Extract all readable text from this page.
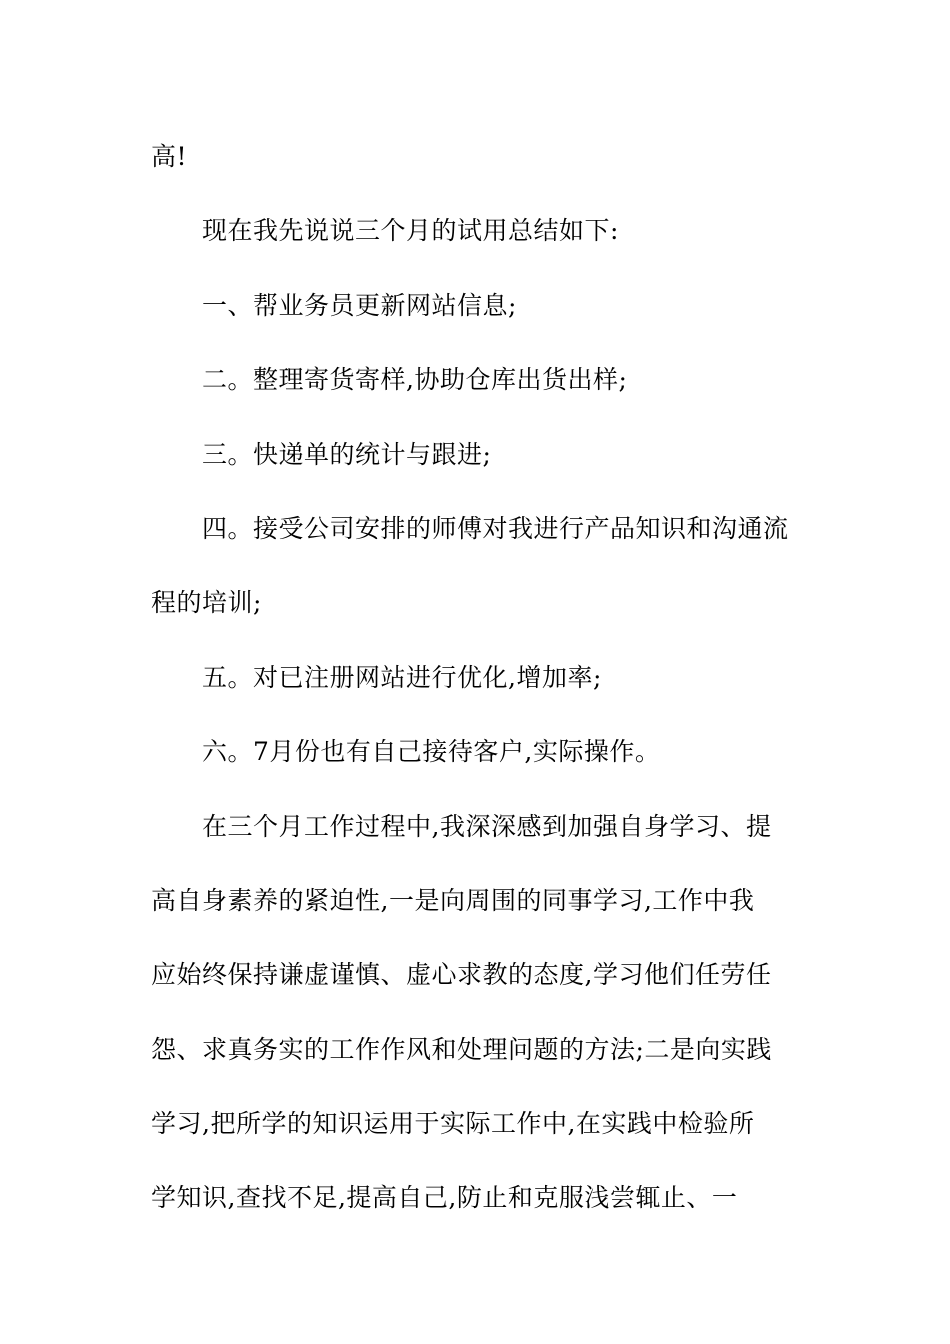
高!
现在我先说说三个月的试用总结如下:
一、帮业务员更新网站信息;
二。整理寄货寄样,协助仓库出货出样;
三。快递单的统计与跟进;
四。接受公司安排的师傅对我进行产品知识和沟通流
程的培训;
五。对已注册网站进行优化,增加率;
六。7月份也有自己接待客户,实际操作。
在三个月工作过程中,我深深感到加强自身学习、提
高自身素养的紧迫性,一是向周围的同事学习,工作中我
应始终保持谦虚谨慎、虚心求教的态度,学习他们任劳任
怨、求真务实的工作作风和处理问题的方法;二是向实践
学习,把所学的知识运用于实际工作中,在实践中检验所
学知识,查找不足,提高自己,防止和克服浅尝辄止、一
